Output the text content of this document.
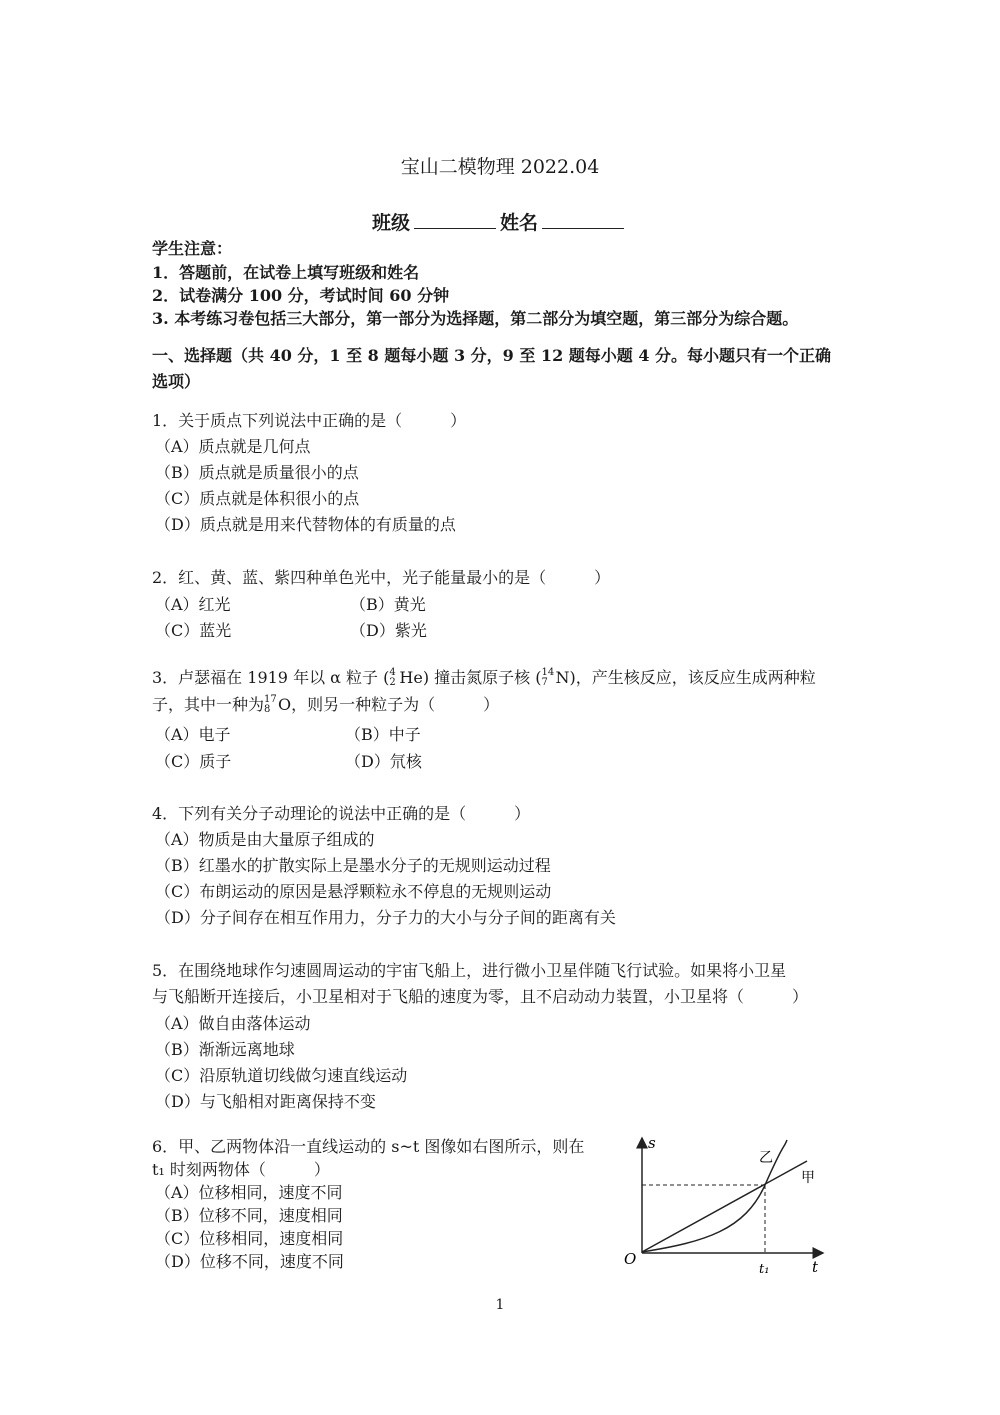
宝山二模物理 2022.04
班级	姓名
学生注意：
1．答题前，在试卷上填写班级和姓名
2．试卷满分 100 分，考试时间 60 分钟
3. 本考练习卷包括三大部分，第一部分为选择题，第二部分为填空题，第三部分为综合题。
一、选择题（共 40 分，1 至 8 题每小题 3 分，9 至 12 题每小题 4 分。每小题只有一个正确
选项）
1．关于质点下列说法中正确的是（　　　）
（A）质点就是几何点
（B）质点就是质量很小的点
（C）质点就是体积很小的点
（D）质点就是用来代替物体的有质量的点
2．红、黄、蓝、紫四种单色光中，光子能量最小的是（　　　）
（A）红光	（B）黄光
（C）蓝光	（D）紫光
3．卢瑟福在 1919 年以 α 粒子 ( 4
2 He) 撞击氮原子核 ( 14
7 N)，产生核反应，该反应生成两种粒
子，其中一种为 17
8 O，则另一种粒子为（　　　）
（A）电子	（B）中子
（C）质子	（D）氘核
4．下列有关分子动理论的说法中正确的是（　　　）
（A）物质是由大量原子组成的
（B）红墨水的扩散实际上是墨水分子的无规则运动过程
（C）布朗运动的原因是悬浮颗粒永不停息的无规则运动
（D）分子间存在相互作用力，分子力的大小与分子间的距离有关
5．在围绕地球作匀速圆周运动的宇宙飞船上，进行微小卫星伴随飞行试验。如果将小卫星
与飞船断开连接后，小卫星相对于飞船的速度为零，且不启动动力装置，小卫星将（　　　）
（A）做自由落体运动
（B）渐渐远离地球
（C）沿原轨道切线做匀速直线运动
（D）与飞船相对距离保持不变
6．甲、乙两物体沿一直线运动的 s~t 图像如右图所示，则在
t₁ 时刻两物体（　　　）
（A）位移相同，速度不同
（B）位移不同，速度相同
（C）位移相同，速度相同
（D）位移不同，速度不同
s
t
O
t₁
乙
甲
1
